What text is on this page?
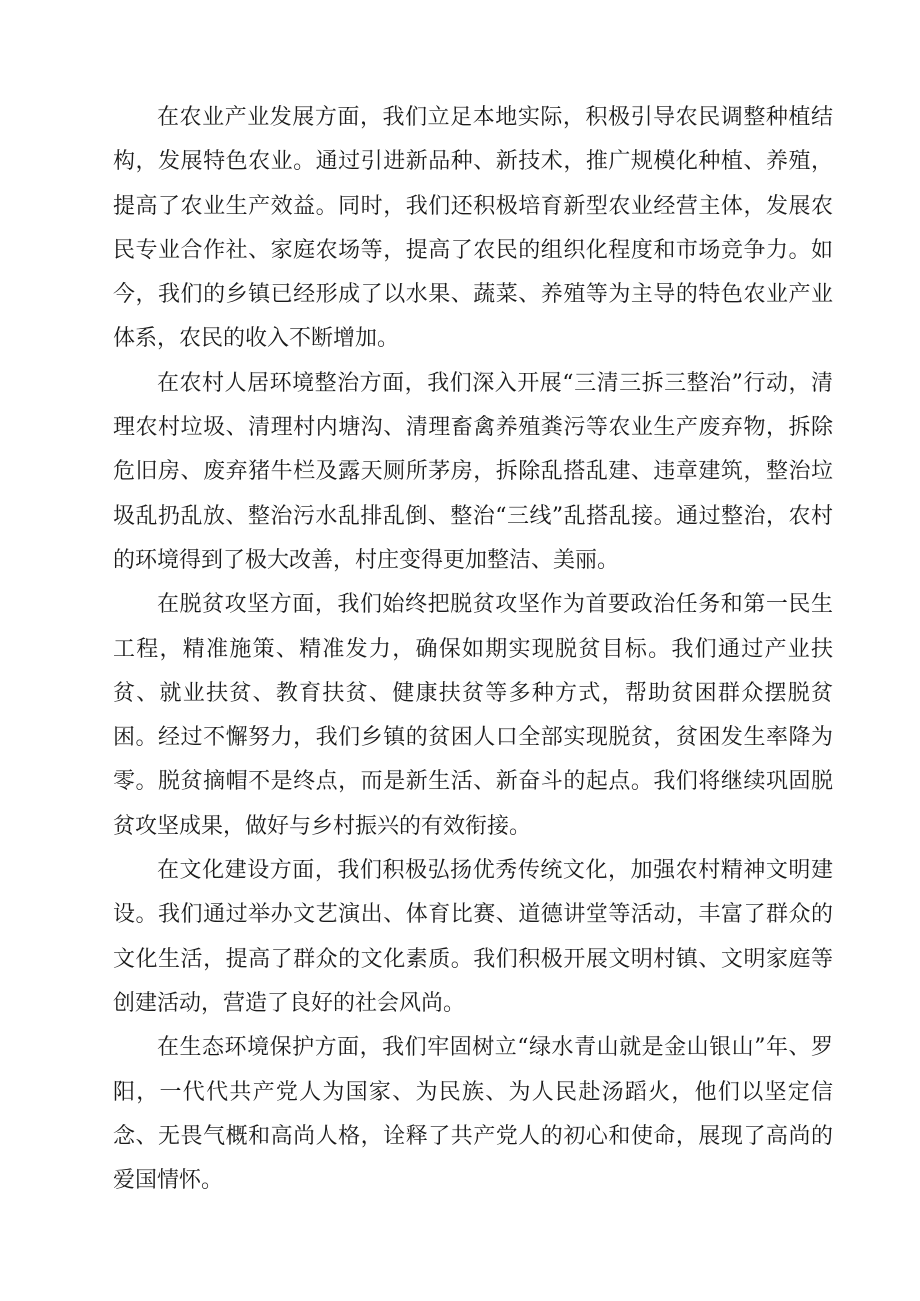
在农业产业发展方面，我们立足本地实际，积极引导农民调整种植结构，发展特色农业。通过引进新品种、新技术，推广规模化种植、养殖，提高了农业生产效益。同时，我们还积极培育新型农业经营主体，发展农民专业合作社、家庭农场等，提高了农民的组织化程度和市场竞争力。如今，我们的乡镇已经形成了以水果、蔬菜、养殖等为主导的特色农业产业体系，农民的收入不断增加。

在农村人居环境整治方面，我们深入开展“三清三拆三整治”行动，清理农村垃圾、清理村内塘沟、清理畜禽养殖粪污等农业生产废弃物，拆除危旧房、废弃猪牛栏及露天厕所茅房，拆除乱搭乱建、违章建筑，整治垃圾乱扔乱放、整治污水乱排乱倒、整治“三线”乱搭乱接。通过整治，农村的环境得到了极大改善，村庄变得更加整洁、美丽。

在脱贫攻坚方面，我们始终把脱贫攻坚作为首要政治任务和第一民生工程，精准施策、精准发力，确保如期实现脱贫目标。我们通过产业扶贫、就业扶贫、教育扶贫、健康扶贫等多种方式，帮助贫困群众摆脱贫困。经过不懈努力，我们乡镇的贫困人口全部实现脱贫，贫困发生率降为零。脱贫摘帽不是终点，而是新生活、新奋斗的起点。我们将继续巩固脱贫攻坚成果，做好与乡村振兴的有效衔接。

在文化建设方面，我们积极弘扬优秀传统文化，加强农村精神文明建设。我们通过举办文艺演出、体育比赛、道德讲堂等活动，丰富了群众的文化生活，提高了群众的文化素质。我们积极开展文明村镇、文明家庭等创建活动，营造了良好的社会风尚。

在生态环境保护方面，我们牢固树立“绿水青山就是金山银山”年、罗阳，一代代共产党人为国家、为民族、为人民赴汤蹈火，他们以坚定信念、无畏气概和高尚人格，诠释了共产党人的初心和使命，展现了高尚的爱国情怀。
